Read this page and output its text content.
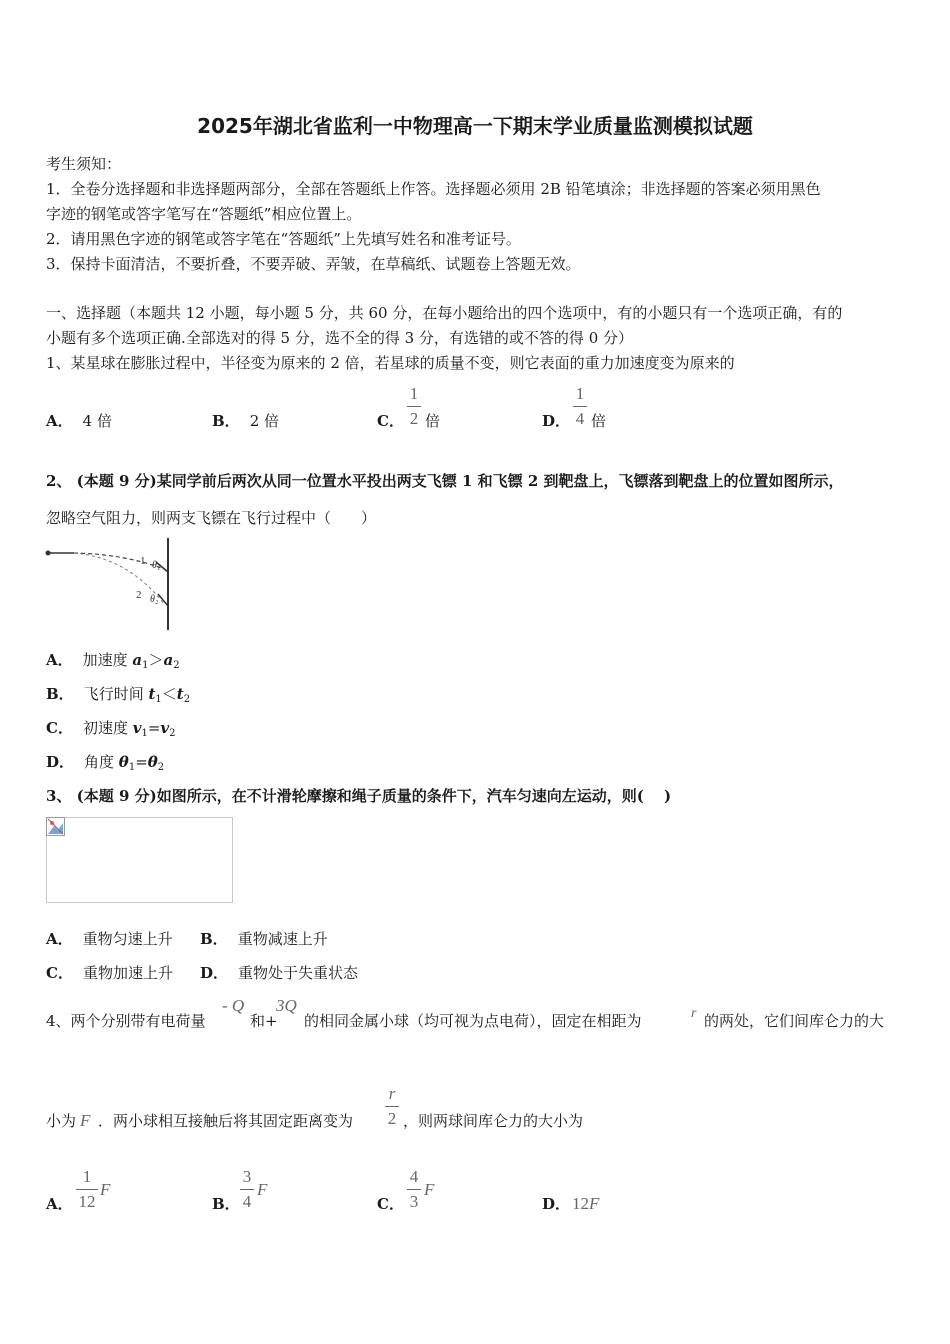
2025年湖北省监利一中物理高一下期末学业质量监测模拟试题
考生须知：
1．全卷分选择题和非选择题两部分，全部在答题纸上作答。选择题必须用 2B 铅笔填涂；非选择题的答案必须用黑色
字迹的钢笔或答字笔写在“答题纸”相应位置上。
2．请用黑色字迹的钢笔或答字笔在“答题纸”上先填写姓名和准考证号。
3．保持卡面清洁，不要折叠，不要弄破、弄皱，在草稿纸、试题卷上答题无效。
一、选择题（本题共 12 小题，每小题 5 分，共 60 分，在每小题给出的四个选项中，有的小题只有一个选项正确，有的
小题有多个选项正确.全部选对的得 5 分，选不全的得 3 分，有选错的或不答的得 0 分）
1、某星球在膨胀过程中，半径变为原来的 2 倍，若星球的质量不变，则它表面的重力加速度变为原来的
A． 4 倍	B． 2 倍	C．
1
2 倍	D．
1
4 倍
2、 (本题 9 分)某同学前后两次从同一位置水平投出两支飞镖 1 和飞镖 2 到靶盘上，飞镖落到靶盘上的位置如图所示，
忽略空气阻力，则两支飞镖在飞行过程中（　　）
1 θ₁
2 θ₂
A． 加速度 $a_1>a_2$
B． 飞行时间 $t_1<t_2$
C． 初速度 $v_1=v_2$
D． 角度 $\theta_1=\theta_2$
3、 (本题 9 分)如图所示，在不计滑轮摩擦和绳子质量的条件下，汽车匀速向左运动，则(　 )
A． 重物匀速上升 B． 重物减速上升
C． 重物加速上升 D． 重物处于失重状态
4、两个分别带有电荷量
- Q
和+
3Q
的相同金属小球（均可视为点电荷），固定在相距为	r 的两处，它们间库仑力的大
小为 F ．两小球相互接触后将其固定距离变为
r
2 ，则两球间库仑力的大小为
A．
1
12
F
B．
3
4
F
C．
4
3
F
D． 12F
